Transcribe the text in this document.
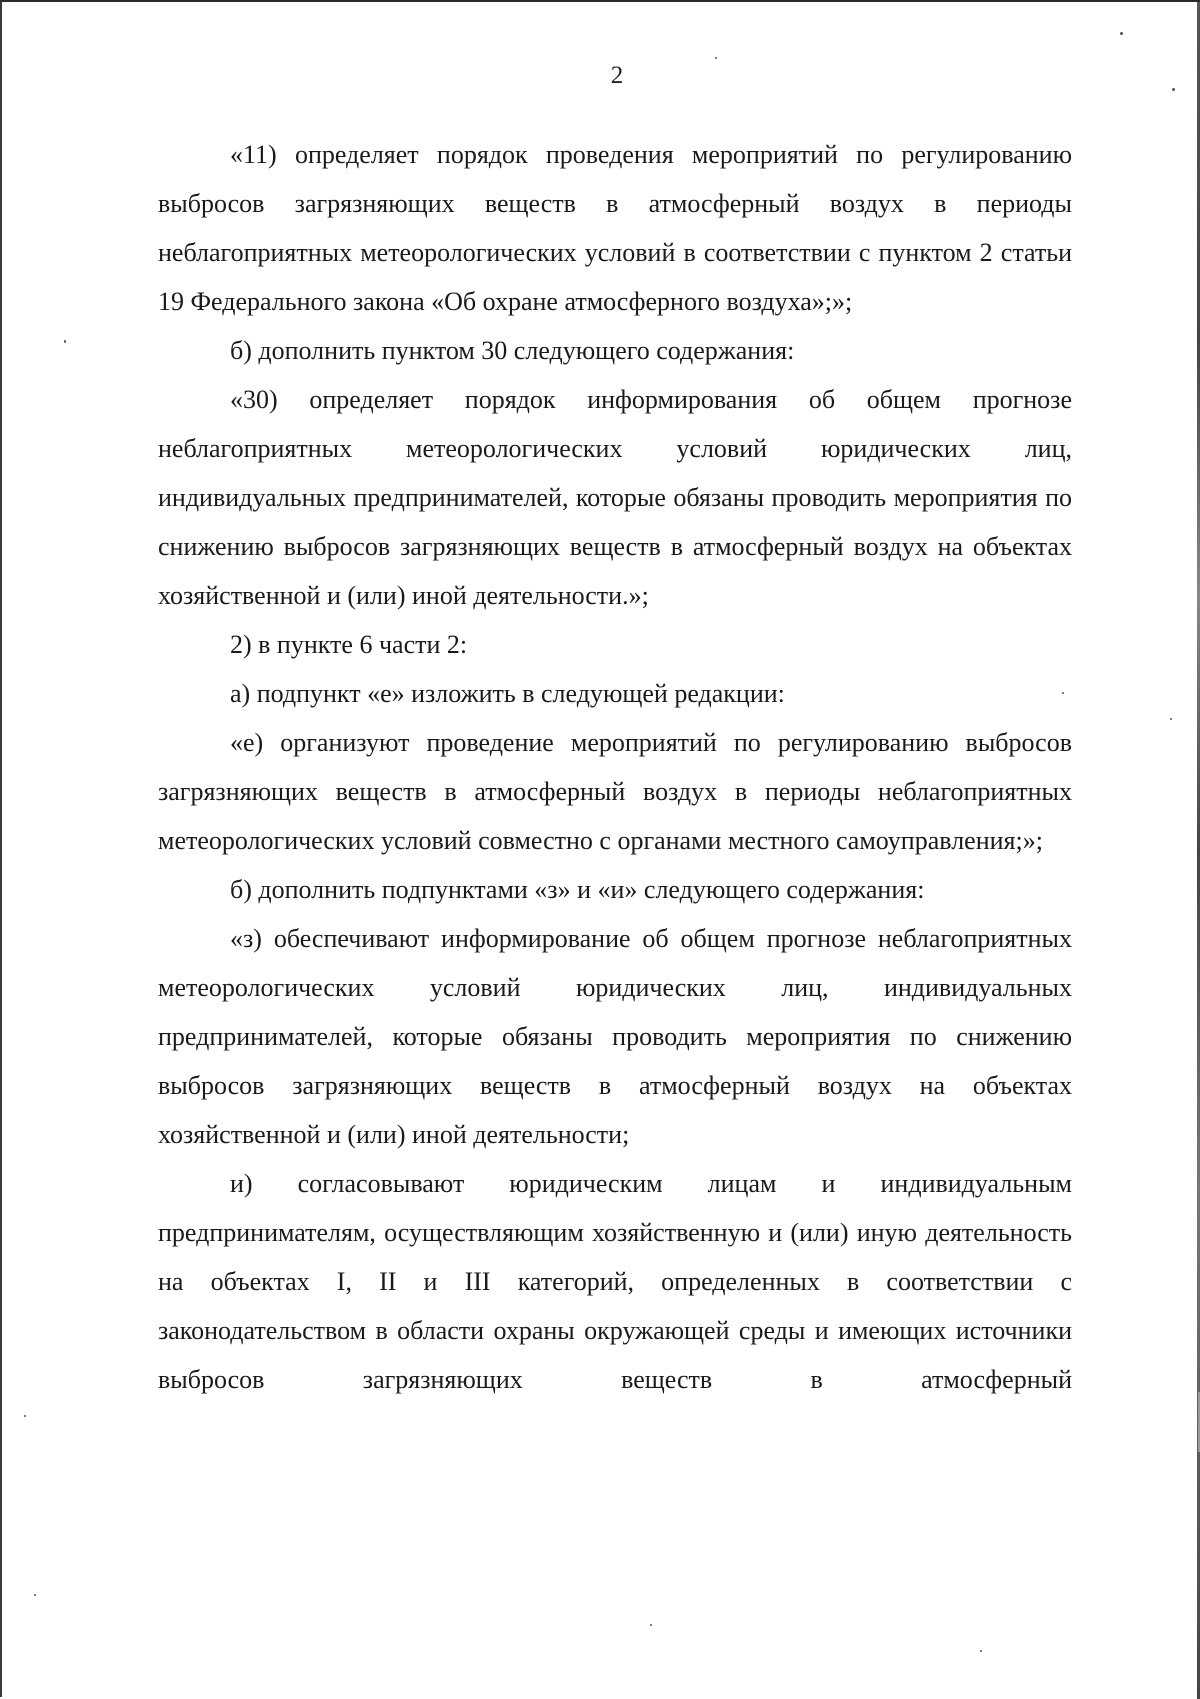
2

«11) определяет порядок проведения мероприятий по регулированию выбросов загрязняющих веществ в атмосферный воздух в периоды неблагоприятных метеорологических условий в соответствии с пунктом 2 статьи 19 Федерального закона «Об охране атмосферного воздуха»;»;

б) дополнить пунктом 30 следующего содержания:

«30) определяет порядок информирования об общем прогнозе неблагоприятных метеорологических условий юридических лиц, индивидуальных предпринимателей, которые обязаны проводить мероприятия по снижению выбросов загрязняющих веществ в атмосферный воздух на объектах хозяйственной и (или) иной деятельности.»;

2) в пункте 6 части 2:

а) подпункт «е» изложить в следующей редакции:

«е) организуют проведение мероприятий по регулированию выбросов загрязняющих веществ в атмосферный воздух в периоды неблагоприятных метеорологических условий совместно с органами местного самоуправления;»;

б) дополнить подпунктами «з» и «и» следующего содержания:

«з) обеспечивают информирование об общем прогнозе неблагоприятных метеорологических условий юридических лиц, индивидуальных предпринимателей, которые обязаны проводить мероприятия по снижению выбросов загрязняющих веществ в атмосферный воздух на объектах хозяйственной и (или) иной деятельности;

и) согласовывают юридическим лицам и индивидуальным предпринимателям, осуществляющим хозяйственную и (или) иную деятельность на объектах I, II и III категорий, определенных в соответствии с законодательством в области охраны окружающей среды и имеющих источники выбросов загрязняющих веществ в атмосферный
